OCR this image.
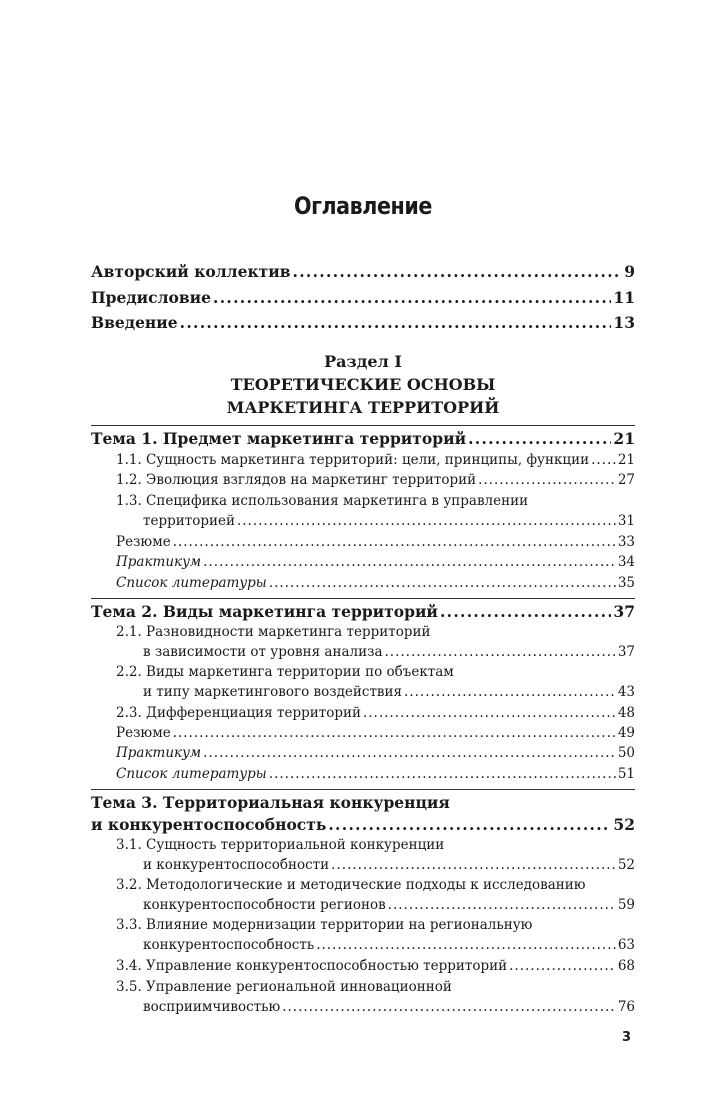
Оглавление
Авторский коллектив .....	9
Предисловие .....	11
Введение .....	13
Раздел I
ТЕОРЕТИЧЕСКИЕ ОСНОВЫ
МАРКЕТИНГА ТЕРРИТОРИЙ
Тема 1. Предмет маркетинга территорий .....	21
1.1. Сущность маркетинга территорий: цели, принципы, функции ..... 21
1.2. Эволюция взглядов на маркетинг территорий .....	27
1.3. Специфика использования маркетинга в управлении
территорией .....	31
Резюме .....	33
Практикум .....	34
Список литературы .....	35
Тема 2. Виды маркетинга территорий .....	37
2.1. Разновидности маркетинга территорий
в зависимости от уровня анализа .....	37
2.2. Виды маркетинга территории по объектам
и типу маркетингового воздействия .....	43
2.3. Дифференциация территорий .....	48
Резюме .....	49
Практикум .....	50
Список литературы .....	51
Тема 3. Территориальная конкуренция
и конкурентоспособность .....	52
3.1. Сущность территориальной конкуренции
и конкурентоспособности .....	52
3.2. Методологические и методические подходы к исследованию
конкурентоспособности регионов .....	59
3.3. Влияние модернизации территории на региональную
конкурентоспособность .....	63
3.4. Управление конкурентоспособностью территорий .....	68
3.5. Управление региональной инновационной
восприимчивостью .....	76
3
